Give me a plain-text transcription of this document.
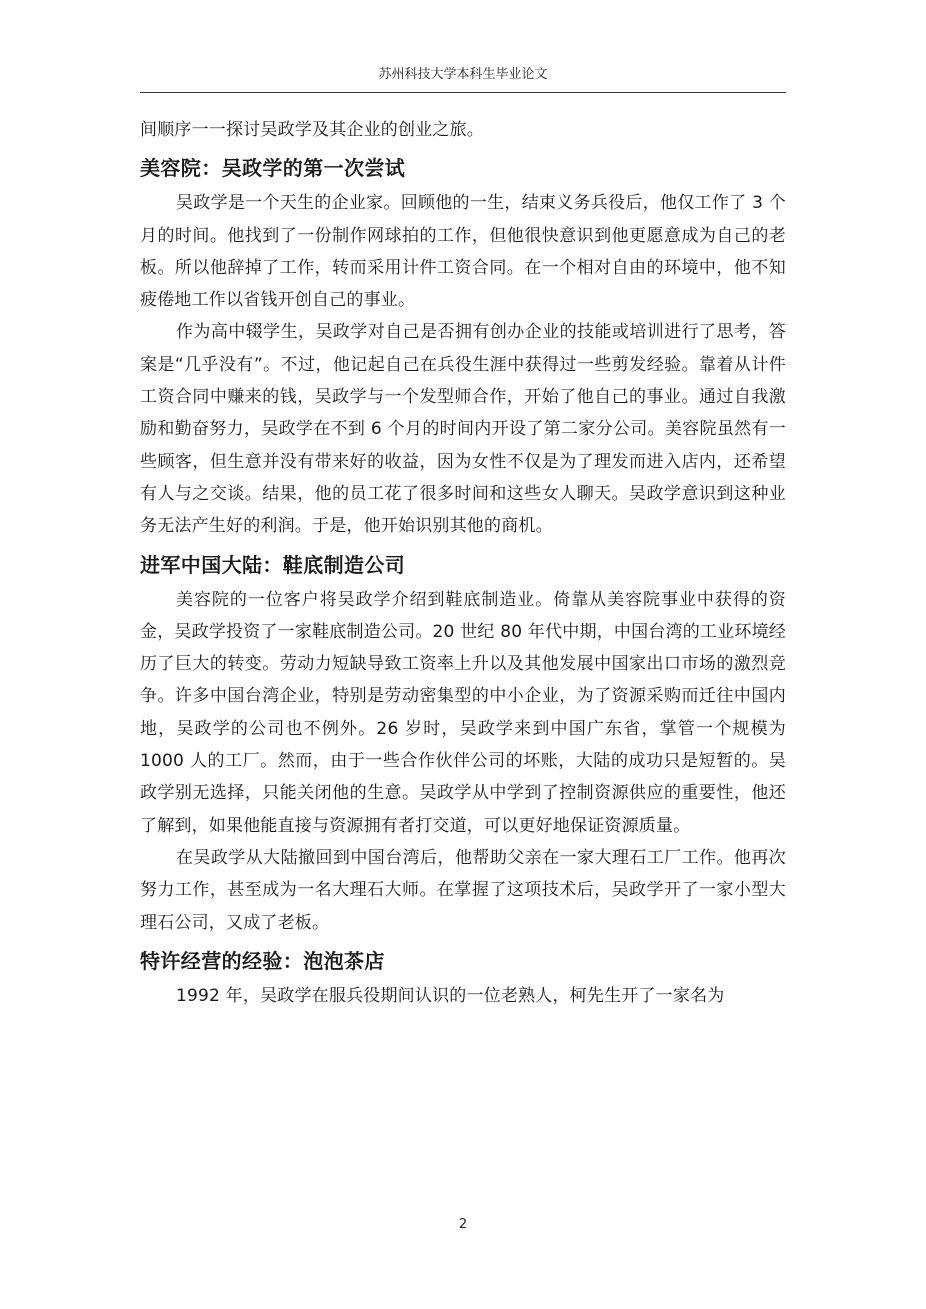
苏州科技大学本科生毕业论文

间顺序一一探讨吴政学及其企业的创业之旅。

美容院：吴政学的第一次尝试

吴政学是一个天生的企业家。回顾他的一生，结束义务兵役后，他仅工作了 3 个月的时间。他找到了一份制作网球拍的工作，但他很快意识到他更愿意成为自己的老板。所以他辞掉了工作，转而采用计件工资合同。在一个相对自由的环境中，他不知疲倦地工作以省钱开创自己的事业。

作为高中辍学生，吴政学对自己是否拥有创办企业的技能或培训进行了思考，答案是“几乎没有”。不过，他记起自己在兵役生涯中获得过一些剪发经验。靠着从计件工资合同中赚来的钱，吴政学与一个发型师合作，开始了他自己的事业。通过自我激励和勤奋努力，吴政学在不到 6 个月的时间内开设了第二家分公司。美容院虽然有一些顾客，但生意并没有带来好的收益，因为女性不仅是为了理发而进入店内，还希望有人与之交谈。结果，他的员工花了很多时间和这些女人聊天。吴政学意识到这种业务无法产生好的利润。于是，他开始识别其他的商机。

进军中国大陆：鞋底制造公司

美容院的一位客户将吴政学介绍到鞋底制造业。倚靠从美容院事业中获得的资金，吴政学投资了一家鞋底制造公司。20 世纪 80 年代中期，中国台湾的工业环境经历了巨大的转变。劳动力短缺导致工资率上升以及其他发展中国家出口市场的激烈竞争。许多中国台湾企业，特别是劳动密集型的中小企业，为了资源采购而迁往中国内地，吴政学的公司也不例外。26 岁时，吴政学来到中国广东省，掌管一个规模为 1000 人的工厂。然而，由于一些合作伙伴公司的坏账，大陆的成功只是短暂的。吴政学别无选择，只能关闭他的生意。吴政学从中学到了控制资源供应的重要性，他还了解到，如果他能直接与资源拥有者打交道，可以更好地保证资源质量。

在吴政学从大陆撤回到中国台湾后，他帮助父亲在一家大理石工厂工作。他再次努力工作，甚至成为一名大理石大师。在掌握了这项技术后，吴政学开了一家小型大理石公司，又成了老板。

特许经营的经验：泡泡茶店

1992 年，吴政学在服兵役期间认识的一位老熟人，柯先生开了一家名为

2
